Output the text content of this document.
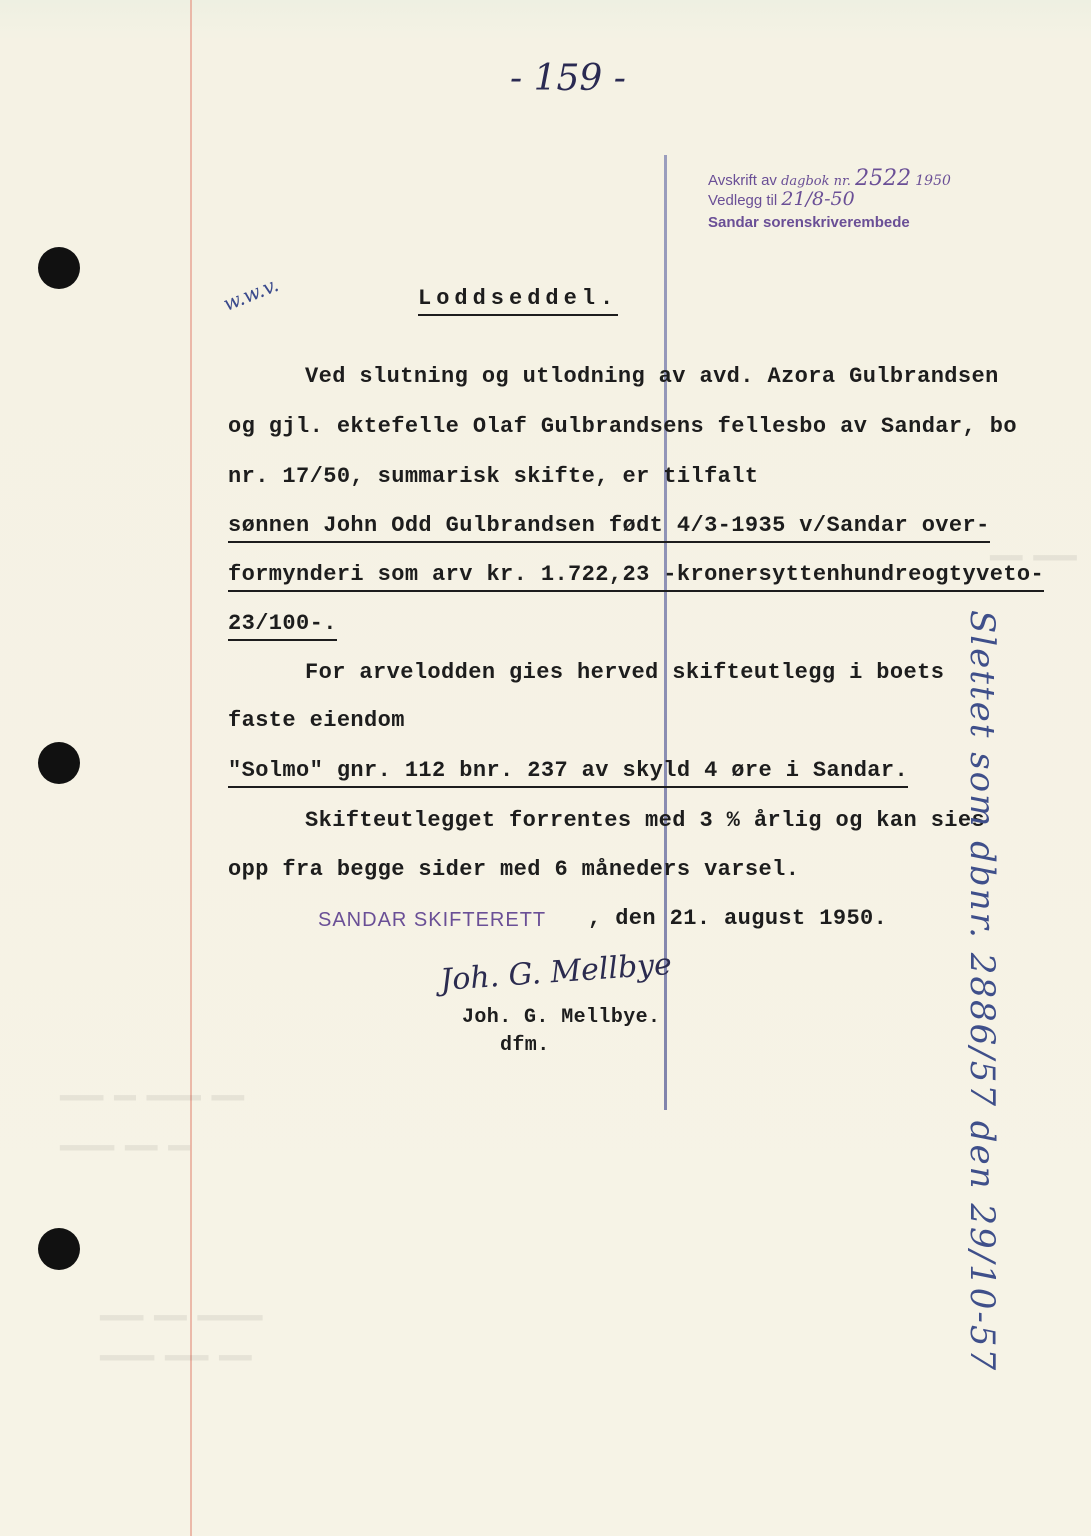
▂▂▂ ▂▂▂▂
▂▂▂▂ ▂▂ ▂▂▂▂▂ ▂▂▂
▂▂▂▂▂ ▂▂▂ ▂▂
▂▂▂▂ ▂▂▂ ▂▂▂▂▂▂
▂▂▂▂▂ ▂▂▂▂ ▂▂▂
- 159 -
Avskrift av dagbok nr. 2522 1950
Vedlegg til 21/8-50
Sandar sorenskriverembede
w.w.v.	Loddseddel.
Ved slutning og utlodning av avd. Azora Gulbrandsen
og gjl. ektefelle Olaf Gulbrandsens fellesbo av Sandar, bo
nr. 17/50, summarisk skifte, er tilfalt
sønnen John Odd Gulbrandsen født 4/3-1935 v/Sandar over-
formynderi som arv kr. 1.722,23 -kronersyttenhundreogtyveto-
23/100-.
For arvelodden gies herved skifteutlegg i boets
faste eiendom
"Solmo" gnr. 112 bnr. 237 av skyld 4 øre i Sandar.
Skifteutlegget forrentes med 3 % årlig og kan sies
opp fra begge sider med 6 måneders varsel.
SANDAR SKIFTERETT , den 21. august 1950.
Joh. G. Mellbye
Joh. G. Mellbye.
dfm.	Slettet som dbnr. 2886/57 den 29/10-57
